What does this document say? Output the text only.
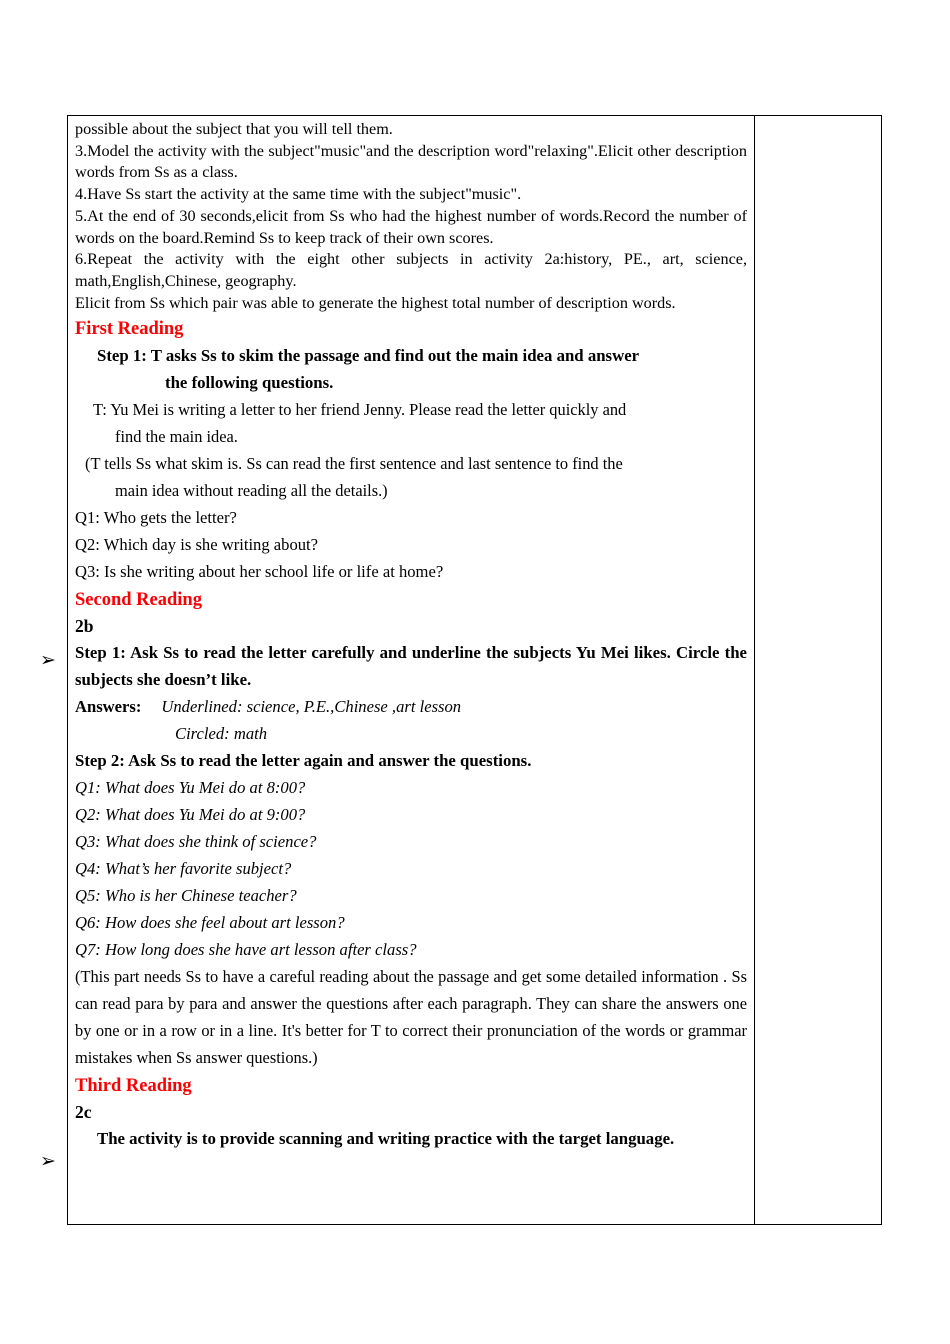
➢
➢

possible about the subject that you will tell them.

3.Model the activity with the subject"music"and the description word"relaxing".Elicit other description words from Ss as a class.

4.Have Ss start the activity at the same time with the subject"music".

5.At the end of 30 seconds,elicit from Ss who had the highest number of words.Record the number of words on the board.Remind Ss to keep track of their own scores.

6.Repeat the activity with the eight other subjects in activity 2a:history, PE., art, science, math,English,Chinese, geography.

Elicit from Ss which pair was able to generate the highest total number of description words.

First Reading

Step 1: T asks Ss to skim the passage and find out the main idea and answer

the following questions.

T: Yu Mei is writing a letter to her friend Jenny. Please read the letter quickly and

find the main idea.

(T tells Ss what skim is. Ss can read the first sentence and last sentence to find the

main idea without reading all the details.)

Q1: Who gets the letter?

Q2: Which day is she writing about?

Q3: Is she writing about her school life or life at home?

Second Reading

2b

Step 1: Ask Ss to read the letter carefully and underline the subjects Yu Mei likes. Circle the subjects she doesn’t like.

Answers: Underlined: science, P.E.,Chinese ,art lesson

Circled: math

Step 2: Ask Ss to read the letter again and answer the questions.

Q1: What does Yu Mei do at 8:00?

Q2: What does Yu Mei do at 9:00?

Q3: What does she think of science?

Q4: What’s her favorite subject?

Q5: Who is her Chinese teacher?

Q6: How does she feel about art lesson?

Q7: How long does she have art lesson after class?

(This part needs Ss to have a careful reading about the passage and get some detailed information . Ss can read para by para and answer the questions after each paragraph. They can share the answers one by one or in a row or in a line. It's better for T to correct their pronunciation of the words or grammar mistakes when Ss answer questions.)

Third Reading

2c

The activity is to provide scanning and writing practice with the target language.
